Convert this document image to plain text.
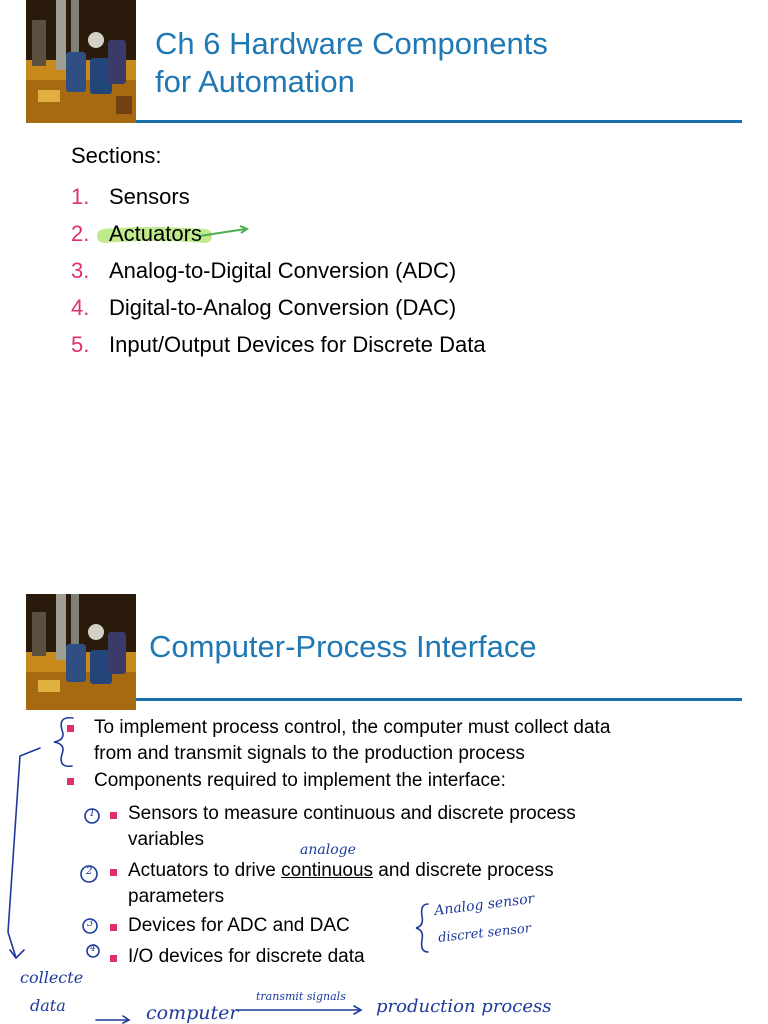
Ch 6 Hardware Components
for Automation
Sections:
1. Sensors
2. Actuators
3. Analog-to-Digital Conversion (ADC)
4. Digital-to-Analog Conversion (DAC)
5. Input/Output Devices for Discrete Data
Computer-Process Interface
To implement process control, the computer must collect data
from and transmit signals to the production process
Components required to implement the interface:
Sensors to measure continuous and discrete process
variables
Actuators to drive continuous and discrete process
parameters
Devices for ADC and DAC
I/O devices for discrete data
analoge
Analog sensor
discret sensor
collecte
data	computer
transmit signals production process
1
2
3
4
